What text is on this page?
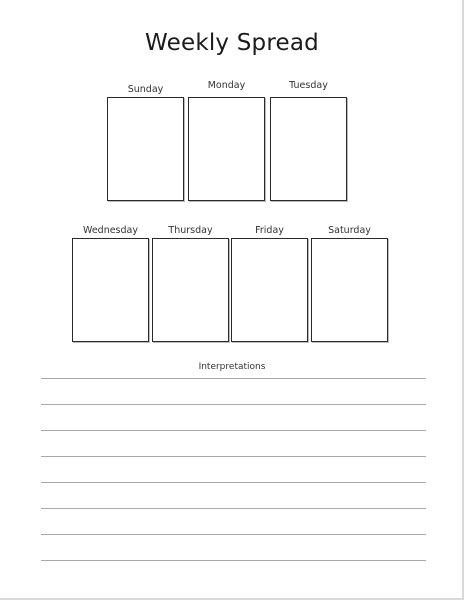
Weekly Spread
Sunday	Monday	Tuesday
Wednesday	Thursday	Friday	Saturday
Interpretations
